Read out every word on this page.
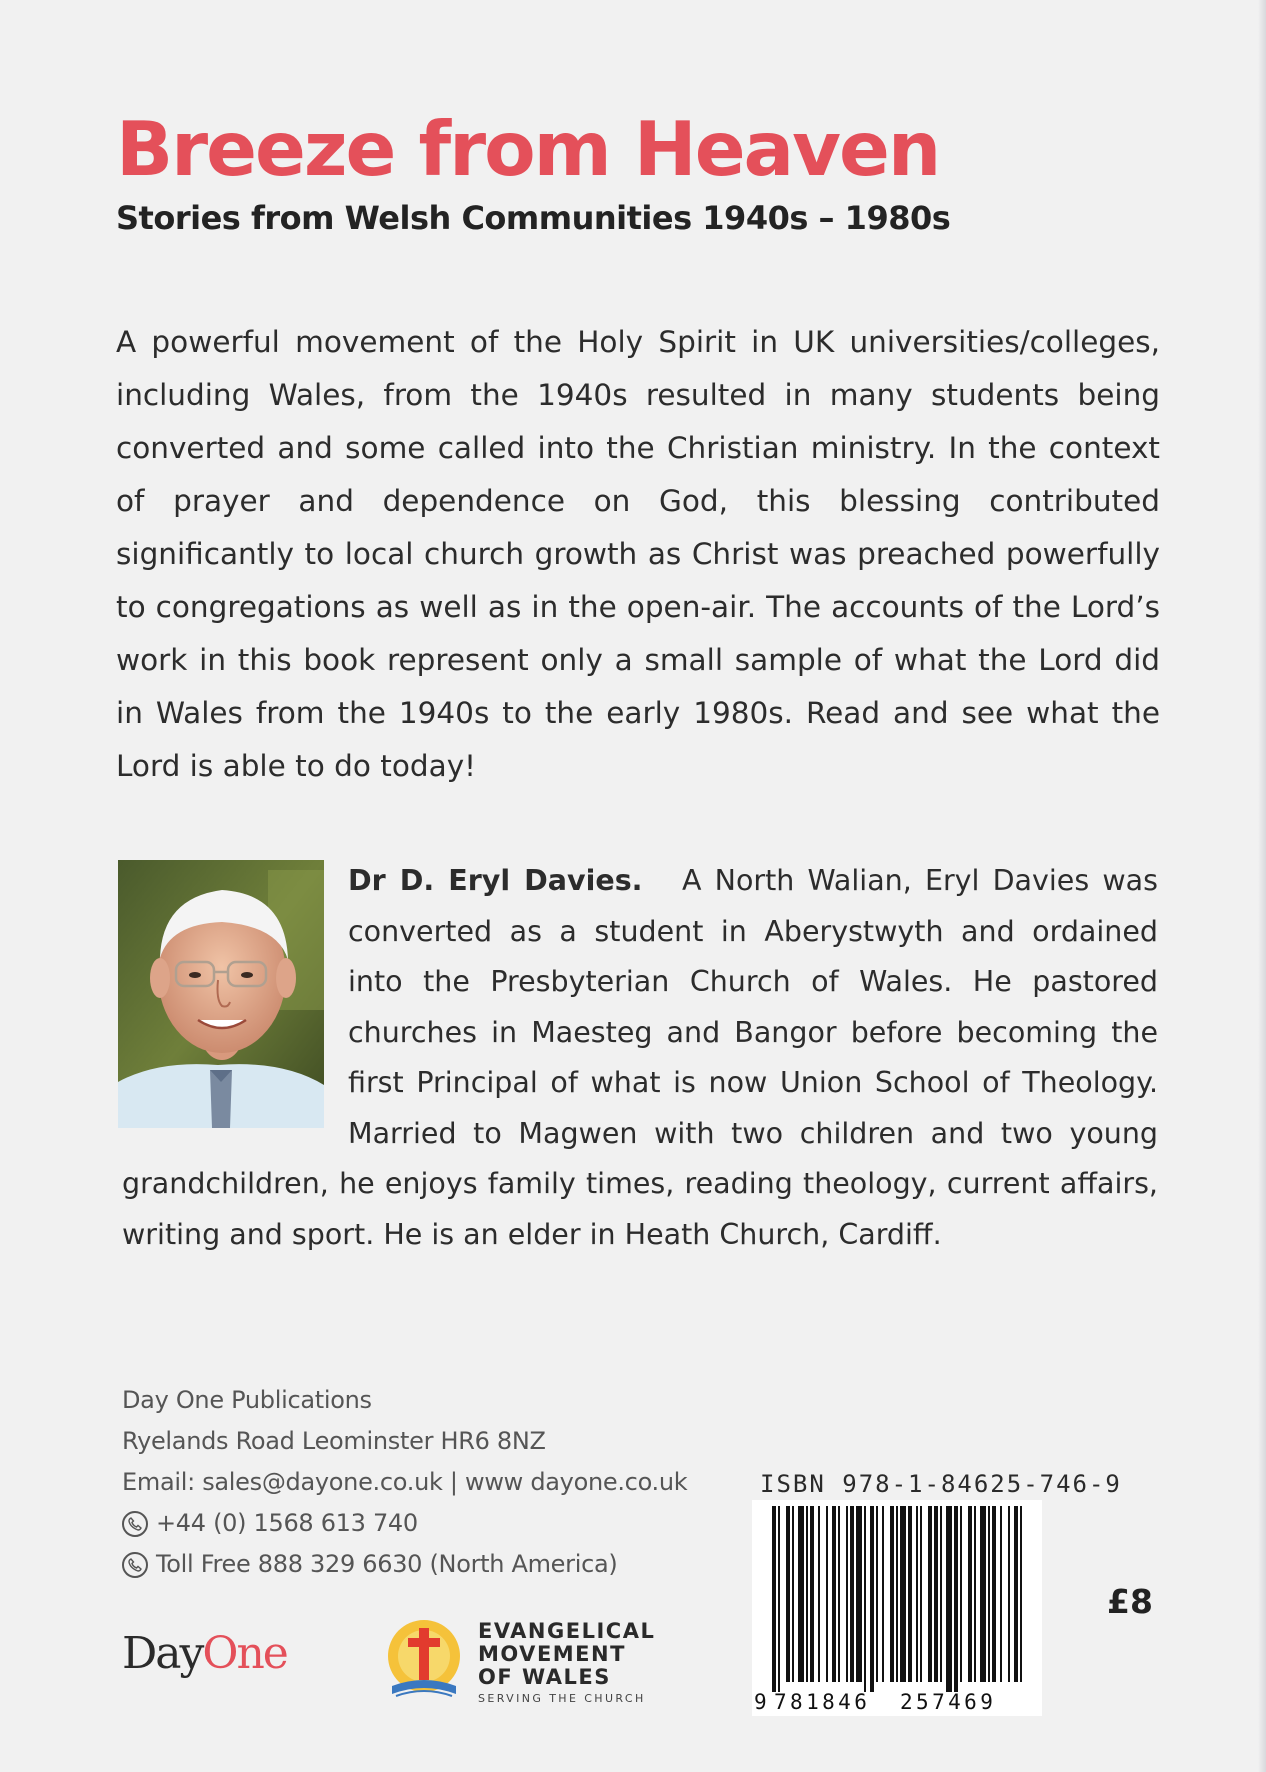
Breeze from Heaven
Stories from Welsh Communities 1940s – 1980s

A powerful movement of the Holy Spirit in UK universities/colleges, including Wales, from the 1940s resulted in many students being converted and some called into the Christian ministry. In the context of prayer and dependence on God, this blessing contributed significantly to local church growth as Christ was preached powerfully to congregations as well as in the open-air. The accounts of the Lord’s work in this book represent only a small sample of what the Lord did in Wales from the 1940s to the early 1980s. Read and see what the Lord is able to do today!

Dr D. Eryl Davies. A North Walian, Eryl Davies was converted as a student in Aberystwyth and ordained into the Presbyterian Church of Wales. He pastored churches in Maesteg and Bangor before becoming the first Principal of what is now Union School of Theology. Married to Magwen with two children and two young grandchildren, he enjoys family times, reading theology, current affairs, writing and sport. He is an elder in Heath Church, Cardiff.

Day One Publications
Ryelands Road Leominster HR6 8NZ
Email: sales@dayone.co.uk | www dayone.co.uk
+44 (0) 1568 613 740
Toll Free 888 329 6630 (North America)
DayOne	EVANGELICAL
MOVEMENT
OF WALES
SERVING THE CHURCH
ISBN 978-1-84625-746-9
9 781846 257469
£8
